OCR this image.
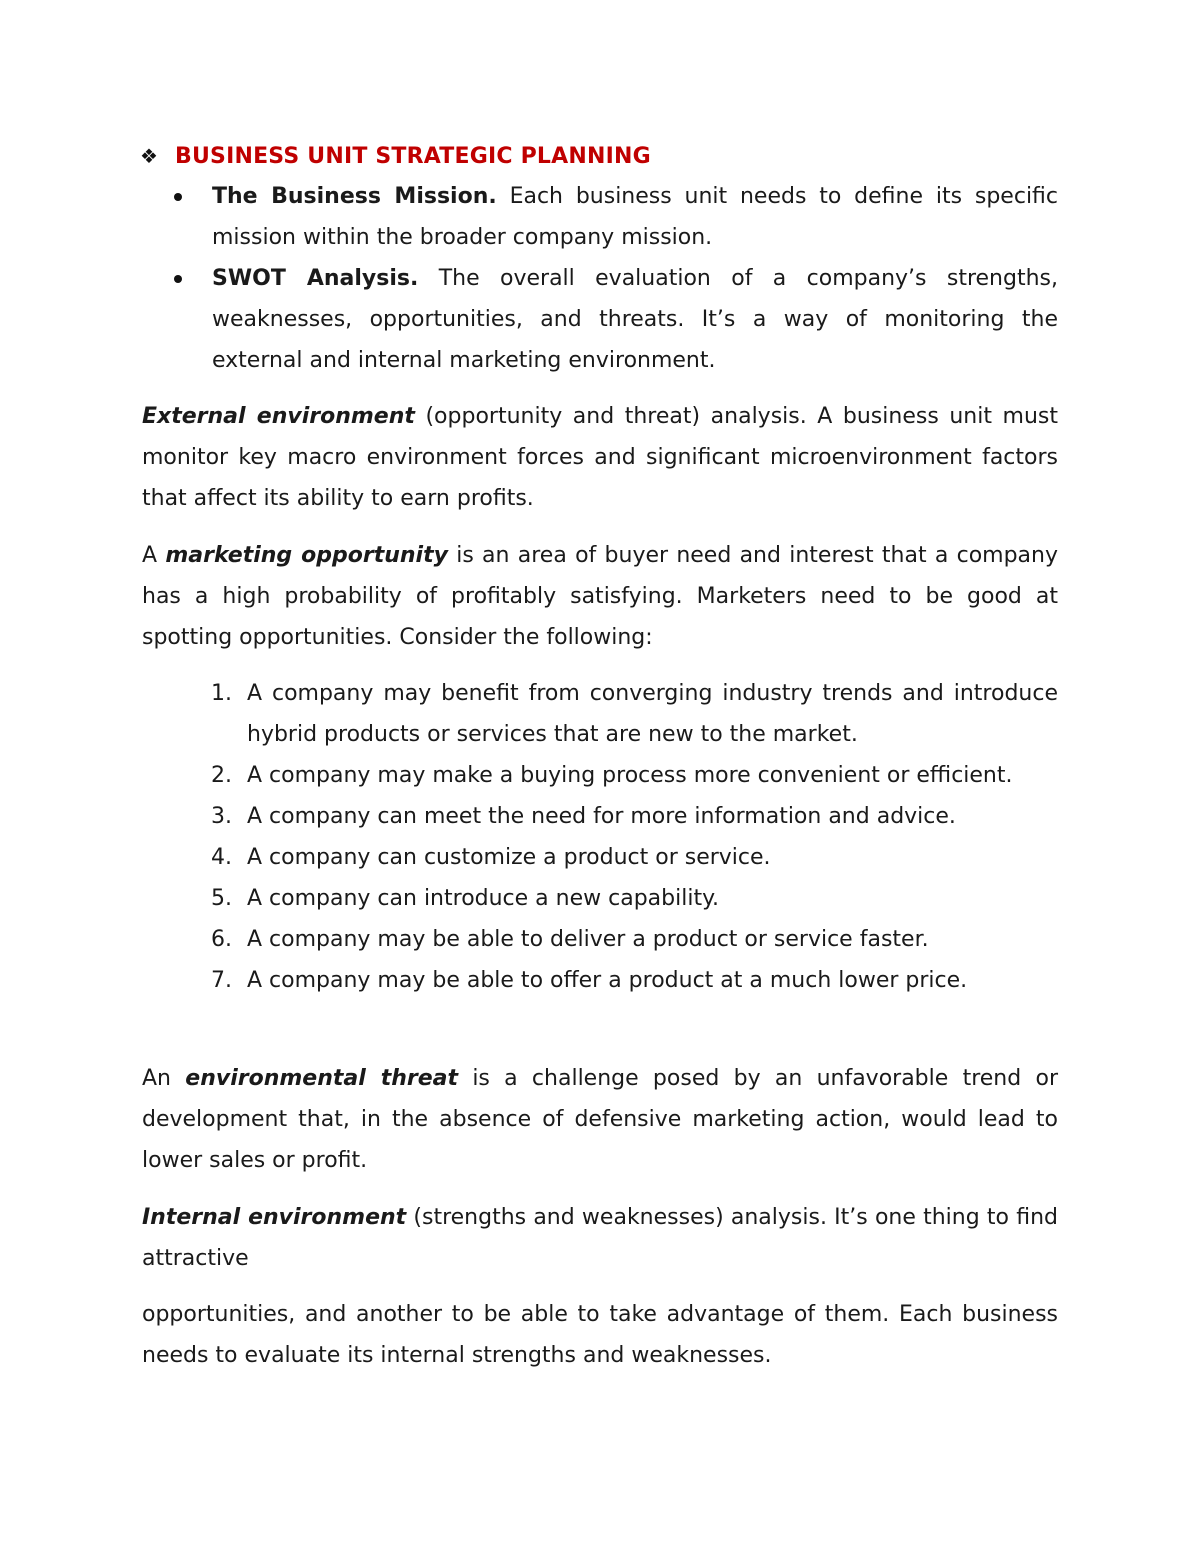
❖ BUSINESS UNIT STRATEGIC PLANNING
The Business Mission. Each business unit needs to define its specific mission within the broader company mission.
SWOT Analysis. The overall evaluation of a company’s strengths, weaknesses, opportunities, and threats. It’s a way of monitoring the external and internal marketing environment.
External environment (opportunity and threat) analysis. A business unit must monitor key macro environment forces and significant microenvironment factors that affect its ability to earn profits.
A marketing opportunity is an area of buyer need and interest that a company has a high probability of profitably satisfying. Marketers need to be good at spotting opportunities. Consider the following:
1. A company may benefit from converging industry trends and introduce hybrid products or services that are new to the market.
2. A company may make a buying process more convenient or efficient.
3. A company can meet the need for more information and advice.
4. A company can customize a product or service.
5. A company can introduce a new capability.
6. A company may be able to deliver a product or service faster.
7. A company may be able to offer a product at a much lower price.
An environmental threat is a challenge posed by an unfavorable trend or development that, in the absence of defensive marketing action, would lead to lower sales or profit.
Internal environment (strengths and weaknesses) analysis. It’s one thing to find attractive
opportunities, and another to be able to take advantage of them. Each business needs to evaluate its internal strengths and weaknesses.
